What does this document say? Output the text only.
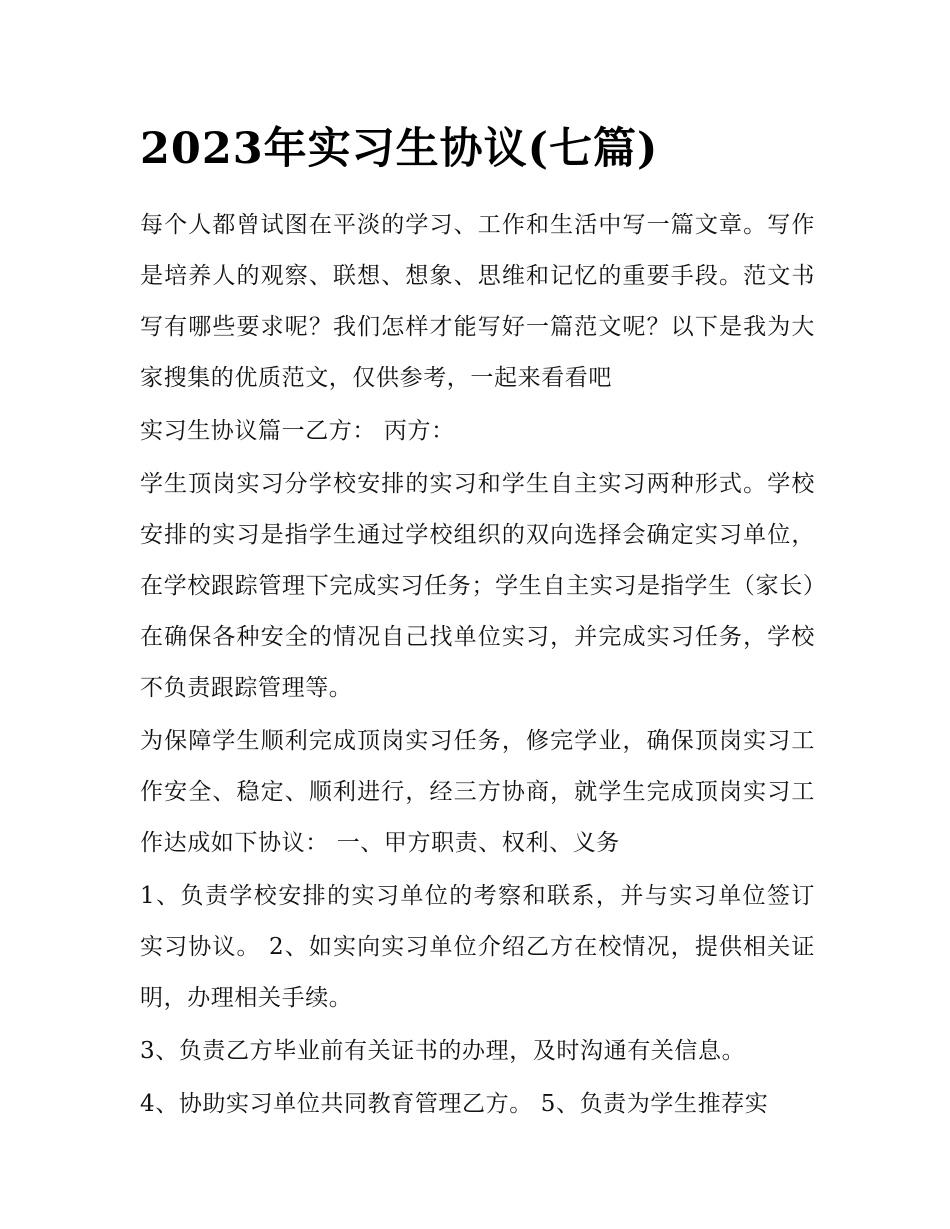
2023年实习生协议(七篇)

每个人都曾试图在平淡的学习、工作和生活中写一篇文章。写作是培养人的观察、联想、想象、思维和记忆的重要手段。范文书写有哪些要求呢？我们怎样才能写好一篇范文呢？以下是我为大家搜集的优质范文，仅供参考，一起来看看吧

实习生协议篇一乙方： 丙方：

学生顶岗实习分学校安排的实习和学生自主实习两种形式。学校安排的实习是指学生通过学校组织的双向选择会确定实习单位，在学校跟踪管理下完成实习任务；学生自主实习是指学生（家长）在确保各种安全的情况自己找单位实习，并完成实习任务，学校不负责跟踪管理等。

为保障学生顺利完成顶岗实习任务，修完学业，确保顶岗实习工作安全、稳定、顺利进行，经三方协商，就学生完成顶岗实习工作达成如下协议： 一、甲方职责、权利、义务

1、负责学校安排的实习单位的考察和联系，并与实习单位签订实习协议。 2、如实向实习单位介绍乙方在校情况，提供相关证明，办理相关手续。

3、负责乙方毕业前有关证书的办理，及时沟通有关信息。

4、协助实习单位共同教育管理乙方。 5、负责为学生推荐实
